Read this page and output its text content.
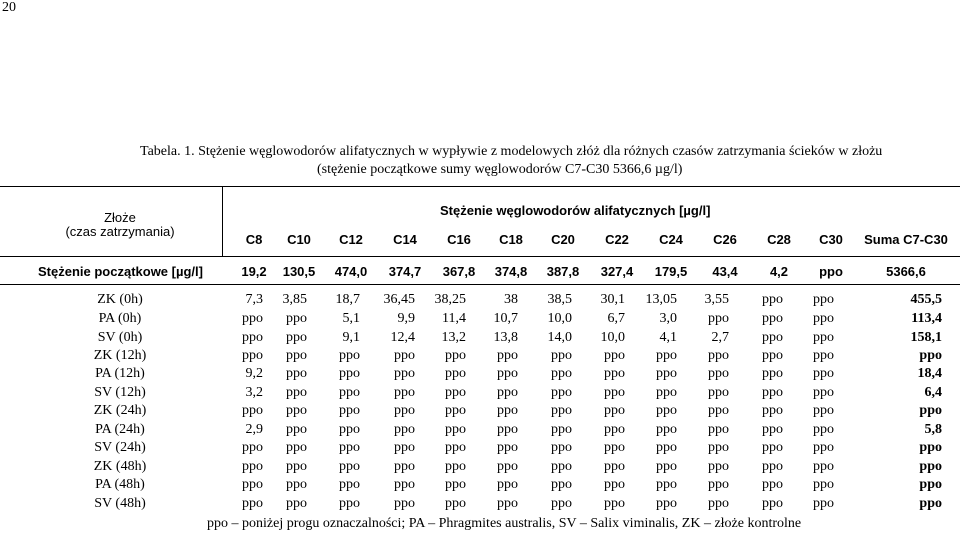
20
Tabela. 1. Stężenie węglowodorów alifatycznych w wypływie z modelowych złóż dla różnych czasów zatrzymania ścieków w złożu
(stężenie początkowe sumy węglowodorów C7-C30 5366,6 µg/l)
Złoże
(czas zatrzymania)
Stężenie węglowodorów alifatycznych [µg/l]
C8	C10	C12	C14	C16	C18	C20	C22	C24	C26	C28	C30	Suma C7-C30
Stężenie początkowe [µg/l]	19,2	130,5	474,0	374,7	367,8	374,8	387,8	327,4	179,5	43,4	4,2	ppo	5366,6
ZK (0h)	7,3	3,85	18,7	36,45	38,25	38	38,5	30,1	13,05	3,55	ppo	ppo	455,5
PA (0h)	ppo	ppo	5,1	9,9	11,4	10,7	10,0	6,7	3,0	ppo	ppo	ppo	113,4
SV (0h)	ppo	ppo	9,1	12,4	13,2	13,8	14,0	10,0	4,1	2,7	ppo	ppo	158,1
ZK (12h)	ppo	ppo	ppo	ppo	ppo	ppo	ppo	ppo	ppo	ppo	ppo	ppo	ppo
PA (12h)	9,2	ppo	ppo	ppo	ppo	ppo	ppo	ppo	ppo	ppo	ppo	ppo	18,4
SV (12h)	3,2	ppo	ppo	ppo	ppo	ppo	ppo	ppo	ppo	ppo	ppo	ppo	6,4
ZK (24h)	ppo	ppo	ppo	ppo	ppo	ppo	ppo	ppo	ppo	ppo	ppo	ppo	ppo
PA (24h)	2,9	ppo	ppo	ppo	ppo	ppo	ppo	ppo	ppo	ppo	ppo	ppo	5,8
SV (24h)	ppo	ppo	ppo	ppo	ppo	ppo	ppo	ppo	ppo	ppo	ppo	ppo	ppo
ZK (48h)	ppo	ppo	ppo	ppo	ppo	ppo	ppo	ppo	ppo	ppo	ppo	ppo	ppo
PA (48h)	ppo	ppo	ppo	ppo	ppo	ppo	ppo	ppo	ppo	ppo	ppo	ppo	ppo
SV (48h)	ppo	ppo	ppo	ppo	ppo	ppo	ppo	ppo	ppo	ppo	ppo	ppo	ppo
ppo – poniżej progu oznaczalności; PA – Phragmites australis, SV – Salix viminalis, ZK – złoże kontrolne
